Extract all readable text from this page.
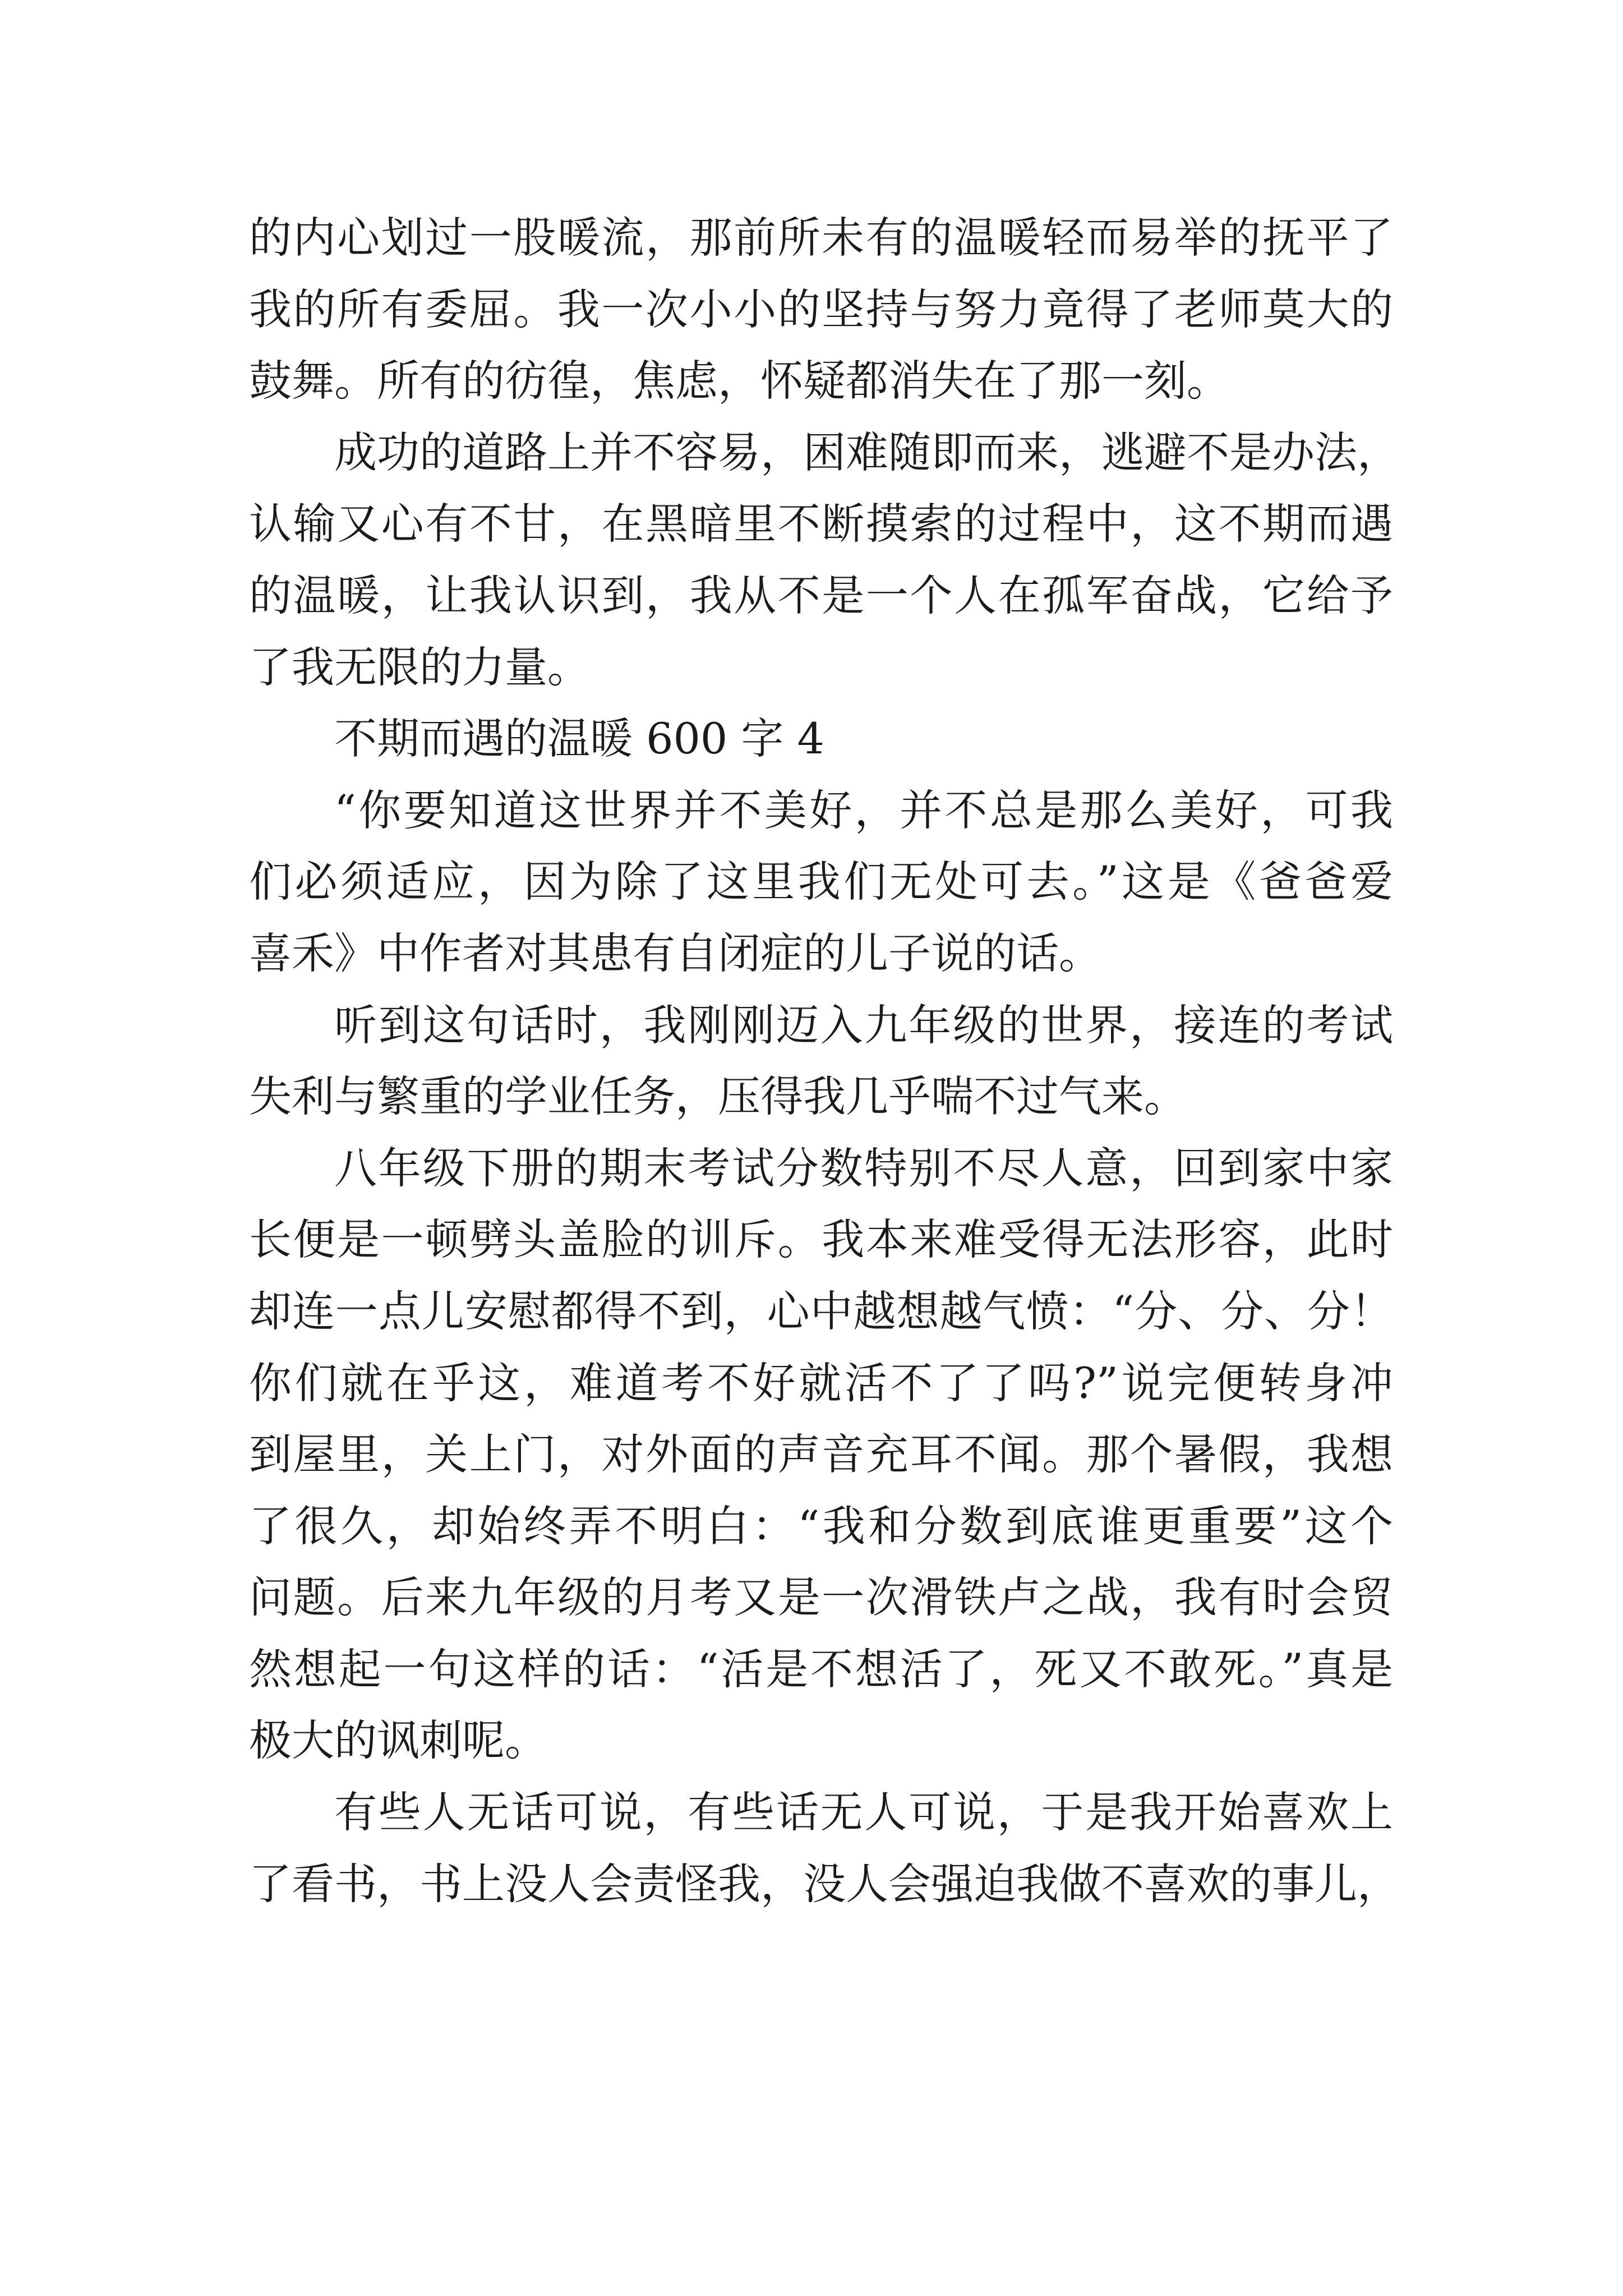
的内心划过一股暖流，那前所未有的温暖轻而易举的抚平了
我的所有委屈。我一次小小的坚持与努力竟得了老师莫大的
鼓舞。所有的彷徨，焦虑，怀疑都消失在了那一刻。
成功的道路上并不容易，困难随即而来，逃避不是办法，
认输又心有不甘，在黑暗里不断摸索的过程中，这不期而遇
的温暖，让我认识到，我从不是一个人在孤军奋战，它给予
了我无限的力量。
不期而遇的温暖 600 字 4
“你要知道这世界并不美好，并不总是那么美好，可我
们必须适应，因为除了这里我们无处可去。”这是《爸爸爱
喜禾》中作者对其患有自闭症的儿子说的话。
听到这句话时，我刚刚迈入九年级的世界，接连的考试
失利与繁重的学业任务，压得我几乎喘不过气来。
八年级下册的期末考试分数特别不尽人意，回到家中家
长便是一顿劈头盖脸的训斥。我本来难受得无法形容，此时
却连一点儿安慰都得不到，心中越想越气愤：“分、分、分！
你们就在乎这，难道考不好就活不了了吗?”说完便转身冲
到屋里，关上门，对外面的声音充耳不闻。那个暑假，我想
了很久，却始终弄不明白：“我和分数到底谁更重要”这个
问题。后来九年级的月考又是一次滑铁卢之战，我有时会贸
然想起一句这样的话：“活是不想活了，死又不敢死。”真是
极大的讽刺呢。
有些人无话可说，有些话无人可说，于是我开始喜欢上
了看书，书上没人会责怪我，没人会强迫我做不喜欢的事儿，
